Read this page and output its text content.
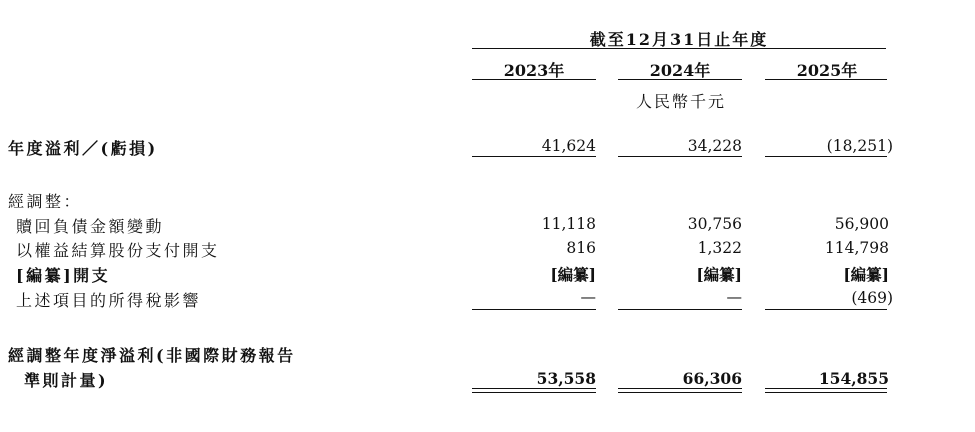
截至12月31日止年度
2023年	2024年	2025年
人民幣千元
年度溢利／(虧損)	41,624	34,228	(18,251)
經調整：
贖回負債金額變動	11,118	30,756	56,900
以權益結算股份支付開支	816	1,322	114,798
[編纂]開支	[編纂]	[編纂]	[編纂]
上述項目的所得稅影響	—	—	(469)
經調整年度淨溢利(非國際財務報告
準則計量)	53,558	66,306	154,855
